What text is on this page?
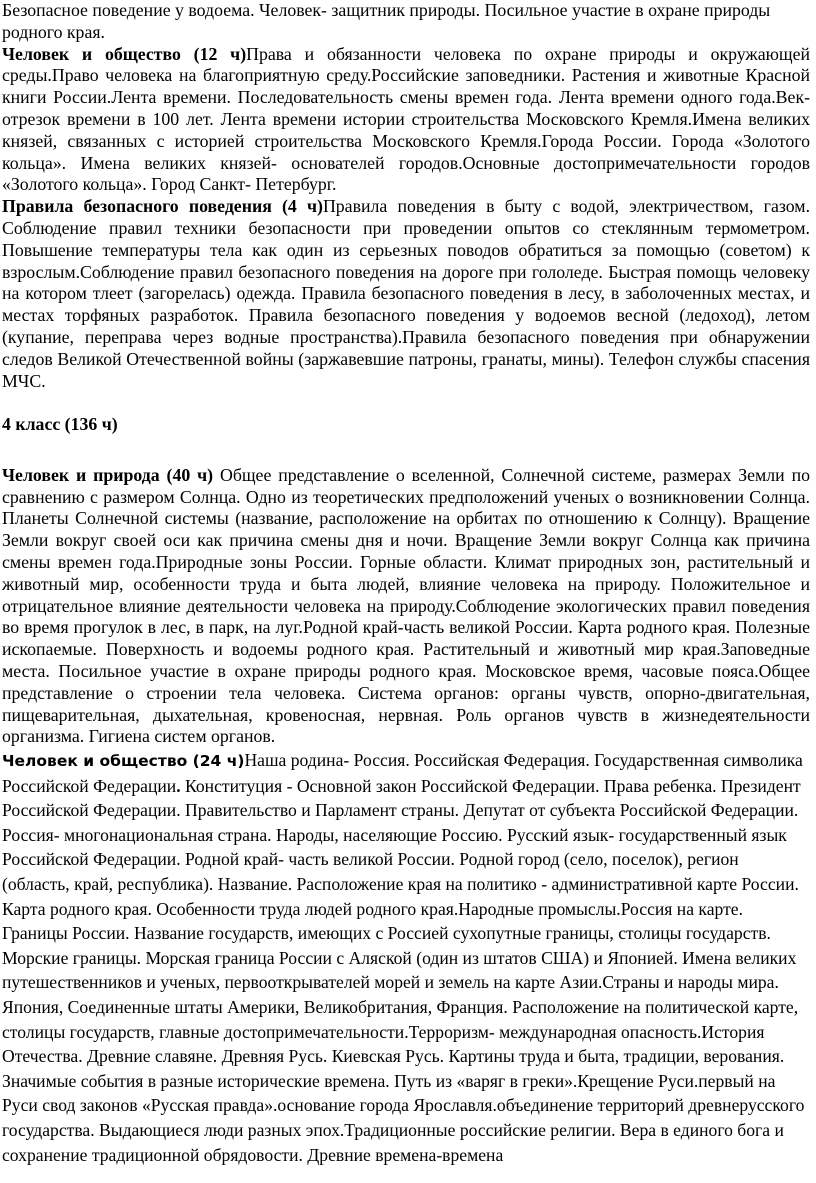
Безопасное поведение у водоема. Человек- защитник природы. Посильное участие в охране природы родного края.

Человек и общество (12 ч)Права и обязанности человека по охране природы и окружающей среды.Право человека на благоприятную среду.Российские заповедники. Растения и животные Красной книги России.Лента времени. Последовательность смены времен года. Лента времени одного года.Век- отрезок времени в 100 лет. Лента времени истории строительства Московского Кремля.Имена великих князей, связанных с историей строительства Московского Кремля.Города России. Города «Золотого кольца». Имена великих князей- основателей городов.Основные достопримечательности городов «Золотого кольца». Город Санкт- Петербург.

Правила безопасного поведения (4 ч)Правила поведения в быту с водой, электричеством, газом. Соблюдение правил техники безопасности при проведении опытов со стеклянным термометром. Повышение температуры тела как один из серьезных поводов обратиться за помощью (советом) к взрослым.Соблюдение правил безопасного поведения на дороге при гололеде. Быстрая помощь человеку на котором тлеет (загорелась) одежда. Правила безопасного поведения в лесу, в заболоченных местах, и местах торфяных разработок. Правила безопасного поведения у водоемов весной (ледоход), летом (купание, переправа через водные пространства).Правила безопасного поведения при обнаружении следов Великой Отечественной войны (заржавевшие патроны, гранаты, мины). Телефон службы спасения МЧС.

4 класс (136 ч)

Человек и природа (40 ч) Общее представление о вселенной, Солнечной системе, размерах Земли по сравнению с размером Солнца. Одно из теоретических предположений ученых о возникновении Солнца. Планеты Солнечной системы (название, расположение на орбитах по отношению к Солнцу). Вращение Земли вокруг своей оси как причина смены дня и ночи. Вращение Земли вокруг Солнца как причина смены времен года.Природные зоны России. Горные области. Климат природных зон, растительный и животный мир, особенности труда и быта людей, влияние человека на природу. Положительное и отрицательное влияние деятельности человека на природу.Соблюдение экологических правил поведения во время прогулок в лес, в парк, на луг.Родной край-часть великой России. Карта родного края. Полезные ископаемые. Поверхность и водоемы родного края. Растительный и животный мир края.Заповедные места. Посильное участие в охране природы родного края. Московское время, часовые пояса.Общее представление о строении тела человека. Система органов: органы чувств, опорно-двигательная, пищеварительная, дыхательная, кровеносная, нервная. Роль органов чувств в жизнедеятельности организма. Гигиена систем органов.

Человек и общество (24 ч)Наша родина- Россия. Российская Федерация. Государственная символика Российской Федерации. Конституция - Основной закон Российской Федерации. Права ребенка. Президент Российской Федерации. Правительство и Парламент страны. Депутат от субъекта Российской Федерации. Россия- многонациональная страна. Народы, населяющие Россию. Русский язык- государственный язык Российской Федерации. Родной край- часть великой России. Родной город (село, поселок), регион (область, край, республика). Название. Расположение края на политико - административной карте России. Карта родного края. Особенности труда людей родного края.Народные промыслы.Россия на карте. Границы России. Название государств, имеющих с Россией сухопутные границы, столицы государств. Морские границы. Морская граница России с Аляской (один из штатов США) и Японией. Имена великих путешественников и ученых, первооткрывателей морей и земель на карте Азии.Страны и народы мира. Япония, Соединенные штаты Америки, Великобритания, Франция. Расположение на политической карте, столицы государств, главные достопримечательности.Терроризм- международная опасность.История Отечества. Древние славяне. Древняя Русь. Киевская Русь. Картины труда и быта, традиции, верования. Значимые события в разные исторические времена. Путь из «варяг в греки».Крещение Руси.первый на Руси свод законов «Русская правда».основание города Ярославля.объединение территорий древнерусского государства. Выдающиеся люди разных эпох.Традиционные российские религии. Вера в единого бога и сохранение традиционной обрядовости. Древние времена-времена
